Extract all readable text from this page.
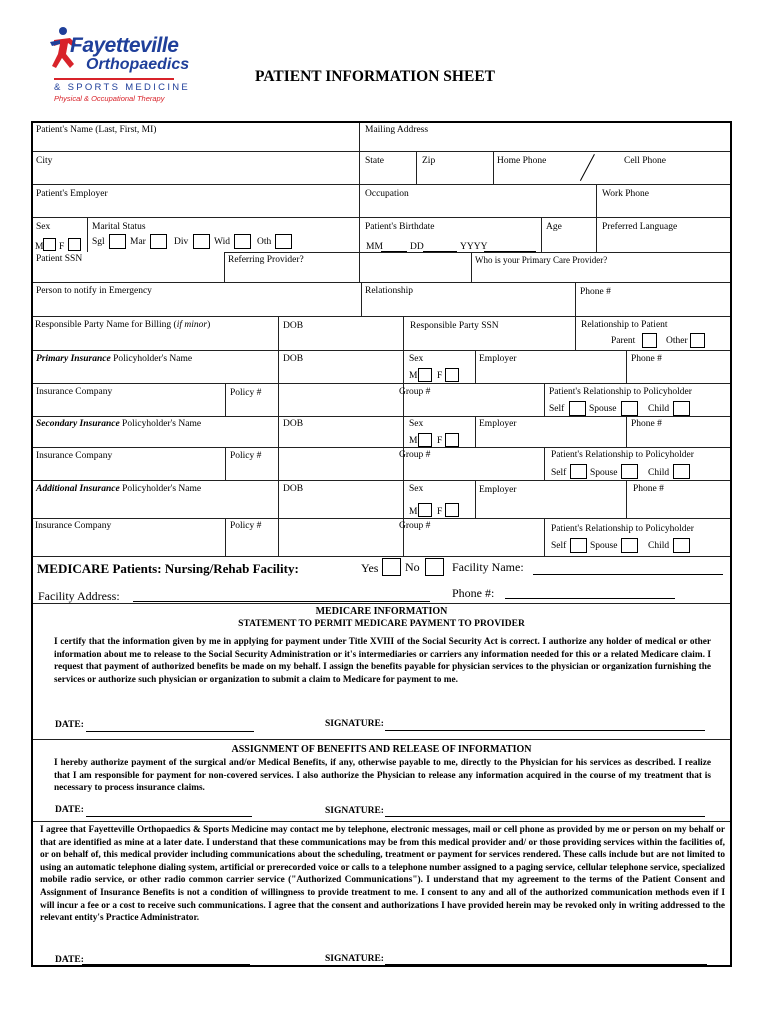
Fayetteville
Orthopaedics
& SPORTS MEDICINE
Physical & Occupational Therapy
PATIENT INFORMATION SHEET
Patient's Name (Last, First, MI)	Mailing Address
City	State	Zip	Home Phone	Cell Phone
Patient's Employer	Occupation	Work Phone
Sex	Marital Status	Patient's Birthdate	Age	Preferred Language
M F	Sgl	Mar	Div	Wid	Oth	MM	DD	YYYY
Patient SSN	Referring Provider?	Who is your Primary Care Provider?
Person to notify in Emergency	Relationship	Phone #
Responsible Party Name for Billing (if minor)	DOB	Responsible Party SSN	Relationship to Patient
Parent	Other
Primary Insurance Policyholder's Name	DOB	Sex	Employer	Phone #
M F
Insurance Company	Policy #	Group #	Patient's Relationship to Policyholder
Self	Spouse	Child
Secondary Insurance Policyholder's Name	DOB	Sex	Employer	Phone #
M F
Insurance Company	Policy #	Group #	Patient's Relationship to Policyholder
Self Spouse	Child
Additional Insurance Policyholder's Name	DOB	Sex	Employer	Phone #
M F
Insurance Company	Policy #	Group #	Patient's Relationship to Policyholder
Self Spouse	Child
MEDICARE Patients: Nursing/Rehab Facility:	Yes No	Facility Name:
Facility Address:	Phone #:
MEDICARE INFORMATION
STATEMENT TO PERMIT MEDICARE PAYMENT TO PROVIDER
I certify that the information given by me in applying for payment under Title XVIII of the Social Security Act is correct. I authorize any holder of medical or other information about me to release to the Social Security Administration or it's intermediaries or carriers any information needed for this or a related Medicare claim. I request that payment of authorized benefits be made on my behalf. I assign the benefits payable for physician services to the physician or organization furnishing the services or authorize such physician or organization to submit a claim to Medicare for payment to me.
DATE:	SIGNATURE:
ASSIGNMENT OF BENEFITS AND RELEASE OF INFORMATION
I hereby authorize payment of the surgical and/or Medical Benefits, if any, otherwise payable to me, directly to the Physician for his services as described. I realize that I am responsible for payment for non-covered services. I also authorize the Physician to release any information acquired in the course of my treatment that is necessary to process insurance claims.
DATE:	SIGNATURE:
I agree that Fayetteville Orthopaedics & Sports Medicine may contact me by telephone, electronic messages, mail or cell phone as provided by me or person on my behalf or that are identified as mine at a later date. I understand that these communications may be from this medical provider and/ or those providing services within the facilities of, or on behalf of, this medical provider including communications about the scheduling, treatment or payment for services rendered. These calls include but are not limited to using an automatic telephone dialing system, artificial or prerecorded voice or calls to a telephone number assigned to a paging service, cellular telephone service, specialized mobile radio service, or other radio common carrier service ("Authorized Communications"). I understand that my agreement to the terms of the Patient Consent and Assignment of Insurance Benefits is not a condition of willingness to provide treatment to me. I consent to any and all of the authorized communication methods even if I will incur a fee or a cost to receive such communications. I agree that the consent and authorizations I have provided herein may be revoked only in writing addressed to the relevant entity's Practice Administrator.
DATE:	SIGNATURE:
